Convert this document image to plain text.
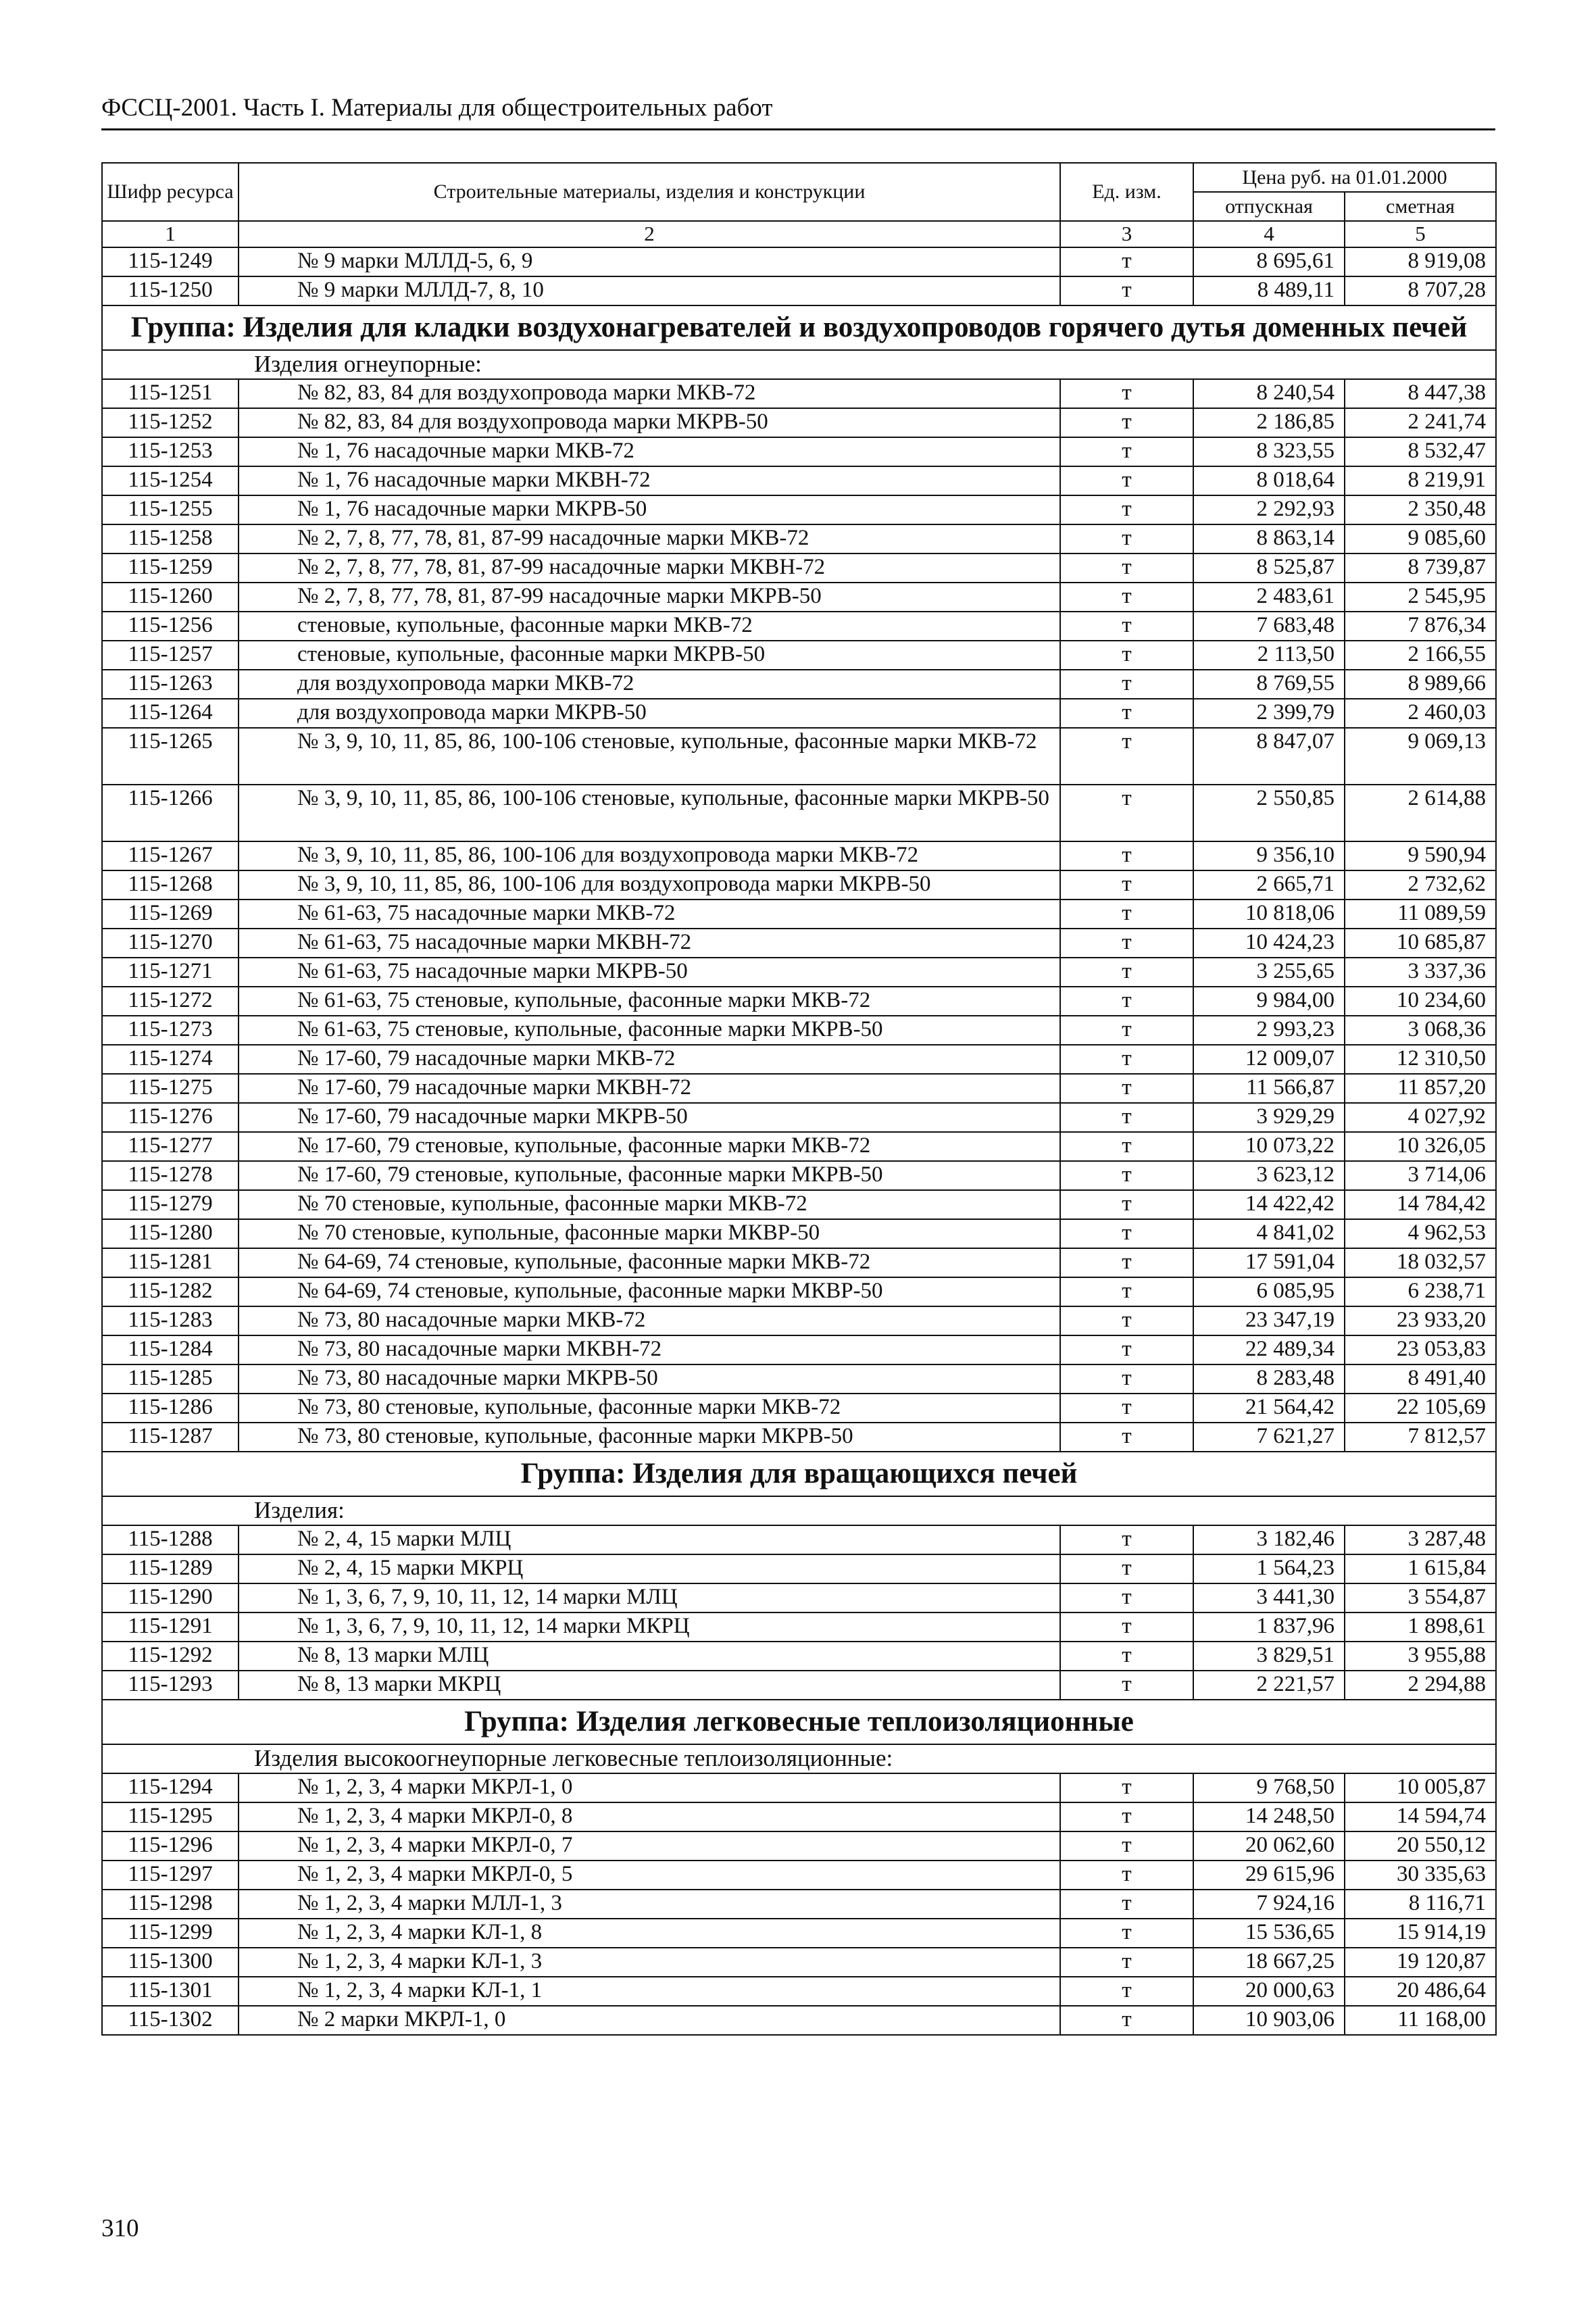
ФССЦ-2001. Часть I. Материалы для общестроительных работ
Шифр ресурса	Строительные материалы, изделия и конструкции	Ед. изм.	Цена руб. на 01.01.2000	
			отпускная	сметная
1	2	3	4	5
115-1249	№ 9 марки МЛЛД-5, 6, 9	т	8 695,61	8 919,08
115-1250	№ 9 марки МЛЛД-7, 8, 10	т	8 489,11	8 707,28
Группа: Изделия для кладки воздухонагревателей и воздухопроводов горячего дутья доменных печей				
Изделия огнеупорные:				
115-1251	№ 82, 83, 84 для воздухопровода марки МКВ-72	т	8 240,54	8 447,38
115-1252	№ 82, 83, 84 для воздухопровода марки МКРВ-50	т	2 186,85	2 241,74
115-1253	№ 1, 76 насадочные марки МКВ-72	т	8 323,55	8 532,47
115-1254	№ 1, 76 насадочные марки МКВН-72	т	8 018,64	8 219,91
115-1255	№ 1, 76 насадочные марки МКРВ-50	т	2 292,93	2 350,48
115-1258	№ 2, 7, 8, 77, 78, 81, 87-99 насадочные марки МКВ-72	т	8 863,14	9 085,60
115-1259	№ 2, 7, 8, 77, 78, 81, 87-99 насадочные марки МКВН-72	т	8 525,87	8 739,87
115-1260	№ 2, 7, 8, 77, 78, 81, 87-99 насадочные марки МКРВ-50	т	2 483,61	2 545,95
115-1256	стеновые, купольные, фасонные марки МКВ-72	т	7 683,48	7 876,34
115-1257	стеновые, купольные, фасонные марки МКРВ-50	т	2 113,50	2 166,55
115-1263	для воздухопровода марки МКВ-72	т	8 769,55	8 989,66
115-1264	для воздухопровода марки МКРВ-50	т	2 399,79	2 460,03
115-1265	№ 3, 9, 10, 11, 85, 86, 100-106 стеновые, купольные, фасонные марки МКВ-72	т	8 847,07	9 069,13
115-1266	№ 3, 9, 10, 11, 85, 86, 100-106 стеновые, купольные, фасонные марки МКРВ-50	т	2 550,85	2 614,88
115-1267	№ 3, 9, 10, 11, 85, 86, 100-106 для воздухопровода марки МКВ-72	т	9 356,10	9 590,94
115-1268	№ 3, 9, 10, 11, 85, 86, 100-106 для воздухопровода марки МКРВ-50	т	2 665,71	2 732,62
115-1269	№ 61-63, 75 насадочные марки МКВ-72	т	10 818,06	11 089,59
115-1270	№ 61-63, 75 насадочные марки МКВН-72	т	10 424,23	10 685,87
115-1271	№ 61-63, 75 насадочные марки МКРВ-50	т	3 255,65	3 337,36
115-1272	№ 61-63, 75 стеновые, купольные, фасонные марки МКВ-72	т	9 984,00	10 234,60
115-1273	№ 61-63, 75 стеновые, купольные, фасонные марки МКРВ-50	т	2 993,23	3 068,36
115-1274	№ 17-60, 79 насадочные марки МКВ-72	т	12 009,07	12 310,50
115-1275	№ 17-60, 79 насадочные марки МКВН-72	т	11 566,87	11 857,20
115-1276	№ 17-60, 79 насадочные марки МКРВ-50	т	3 929,29	4 027,92
115-1277	№ 17-60, 79 стеновые, купольные, фасонные марки МКВ-72	т	10 073,22	10 326,05
115-1278	№ 17-60, 79 стеновые, купольные, фасонные марки МКРВ-50	т	3 623,12	3 714,06
115-1279	№ 70 стеновые, купольные, фасонные марки МКВ-72	т	14 422,42	14 784,42
115-1280	№ 70 стеновые, купольные, фасонные марки МКВР-50	т	4 841,02	4 962,53
115-1281	№ 64-69, 74 стеновые, купольные, фасонные марки МКВ-72	т	17 591,04	18 032,57
115-1282	№ 64-69, 74 стеновые, купольные, фасонные марки МКВР-50	т	6 085,95	6 238,71
115-1283	№ 73, 80 насадочные марки МКВ-72	т	23 347,19	23 933,20
115-1284	№ 73, 80 насадочные марки МКВН-72	т	22 489,34	23 053,83
115-1285	№ 73, 80 насадочные марки МКРВ-50	т	8 283,48	8 491,40
115-1286	№ 73, 80 стеновые, купольные, фасонные марки МКВ-72	т	21 564,42	22 105,69
115-1287	№ 73, 80 стеновые, купольные, фасонные марки МКРВ-50	т	7 621,27	7 812,57
Группа: Изделия для вращающихся печей				
Изделия:				
115-1288	№ 2, 4, 15 марки МЛЦ	т	3 182,46	3 287,48
115-1289	№ 2, 4, 15 марки МКРЦ	т	1 564,23	1 615,84
115-1290	№ 1, 3, 6, 7, 9, 10, 11, 12, 14 марки МЛЦ	т	3 441,30	3 554,87
115-1291	№ 1, 3, 6, 7, 9, 10, 11, 12, 14 марки МКРЦ	т	1 837,96	1 898,61
115-1292	№ 8, 13 марки МЛЦ	т	3 829,51	3 955,88
115-1293	№ 8, 13 марки МКРЦ	т	2 221,57	2 294,88
Группа: Изделия легковесные теплоизоляционные				
Изделия высокоогнеупорные легковесные теплоизоляционные:				
115-1294	№ 1, 2, 3, 4 марки МКРЛ-1, 0	т	9 768,50	10 005,87
115-1295	№ 1, 2, 3, 4 марки МКРЛ-0, 8	т	14 248,50	14 594,74
115-1296	№ 1, 2, 3, 4 марки МКРЛ-0, 7	т	20 062,60	20 550,12
115-1297	№ 1, 2, 3, 4 марки МКРЛ-0, 5	т	29 615,96	30 335,63
115-1298	№ 1, 2, 3, 4 марки МЛЛ-1, 3	т	7 924,16	8 116,71
115-1299	№ 1, 2, 3, 4 марки КЛ-1, 8	т	15 536,65	15 914,19
115-1300	№ 1, 2, 3, 4 марки КЛ-1, 3	т	18 667,25	19 120,87
115-1301	№ 1, 2, 3, 4 марки КЛ-1, 1	т	20 000,63	20 486,64
115-1302	№ 2 марки МКРЛ-1, 0	т	10 903,06	11 168,00
310
